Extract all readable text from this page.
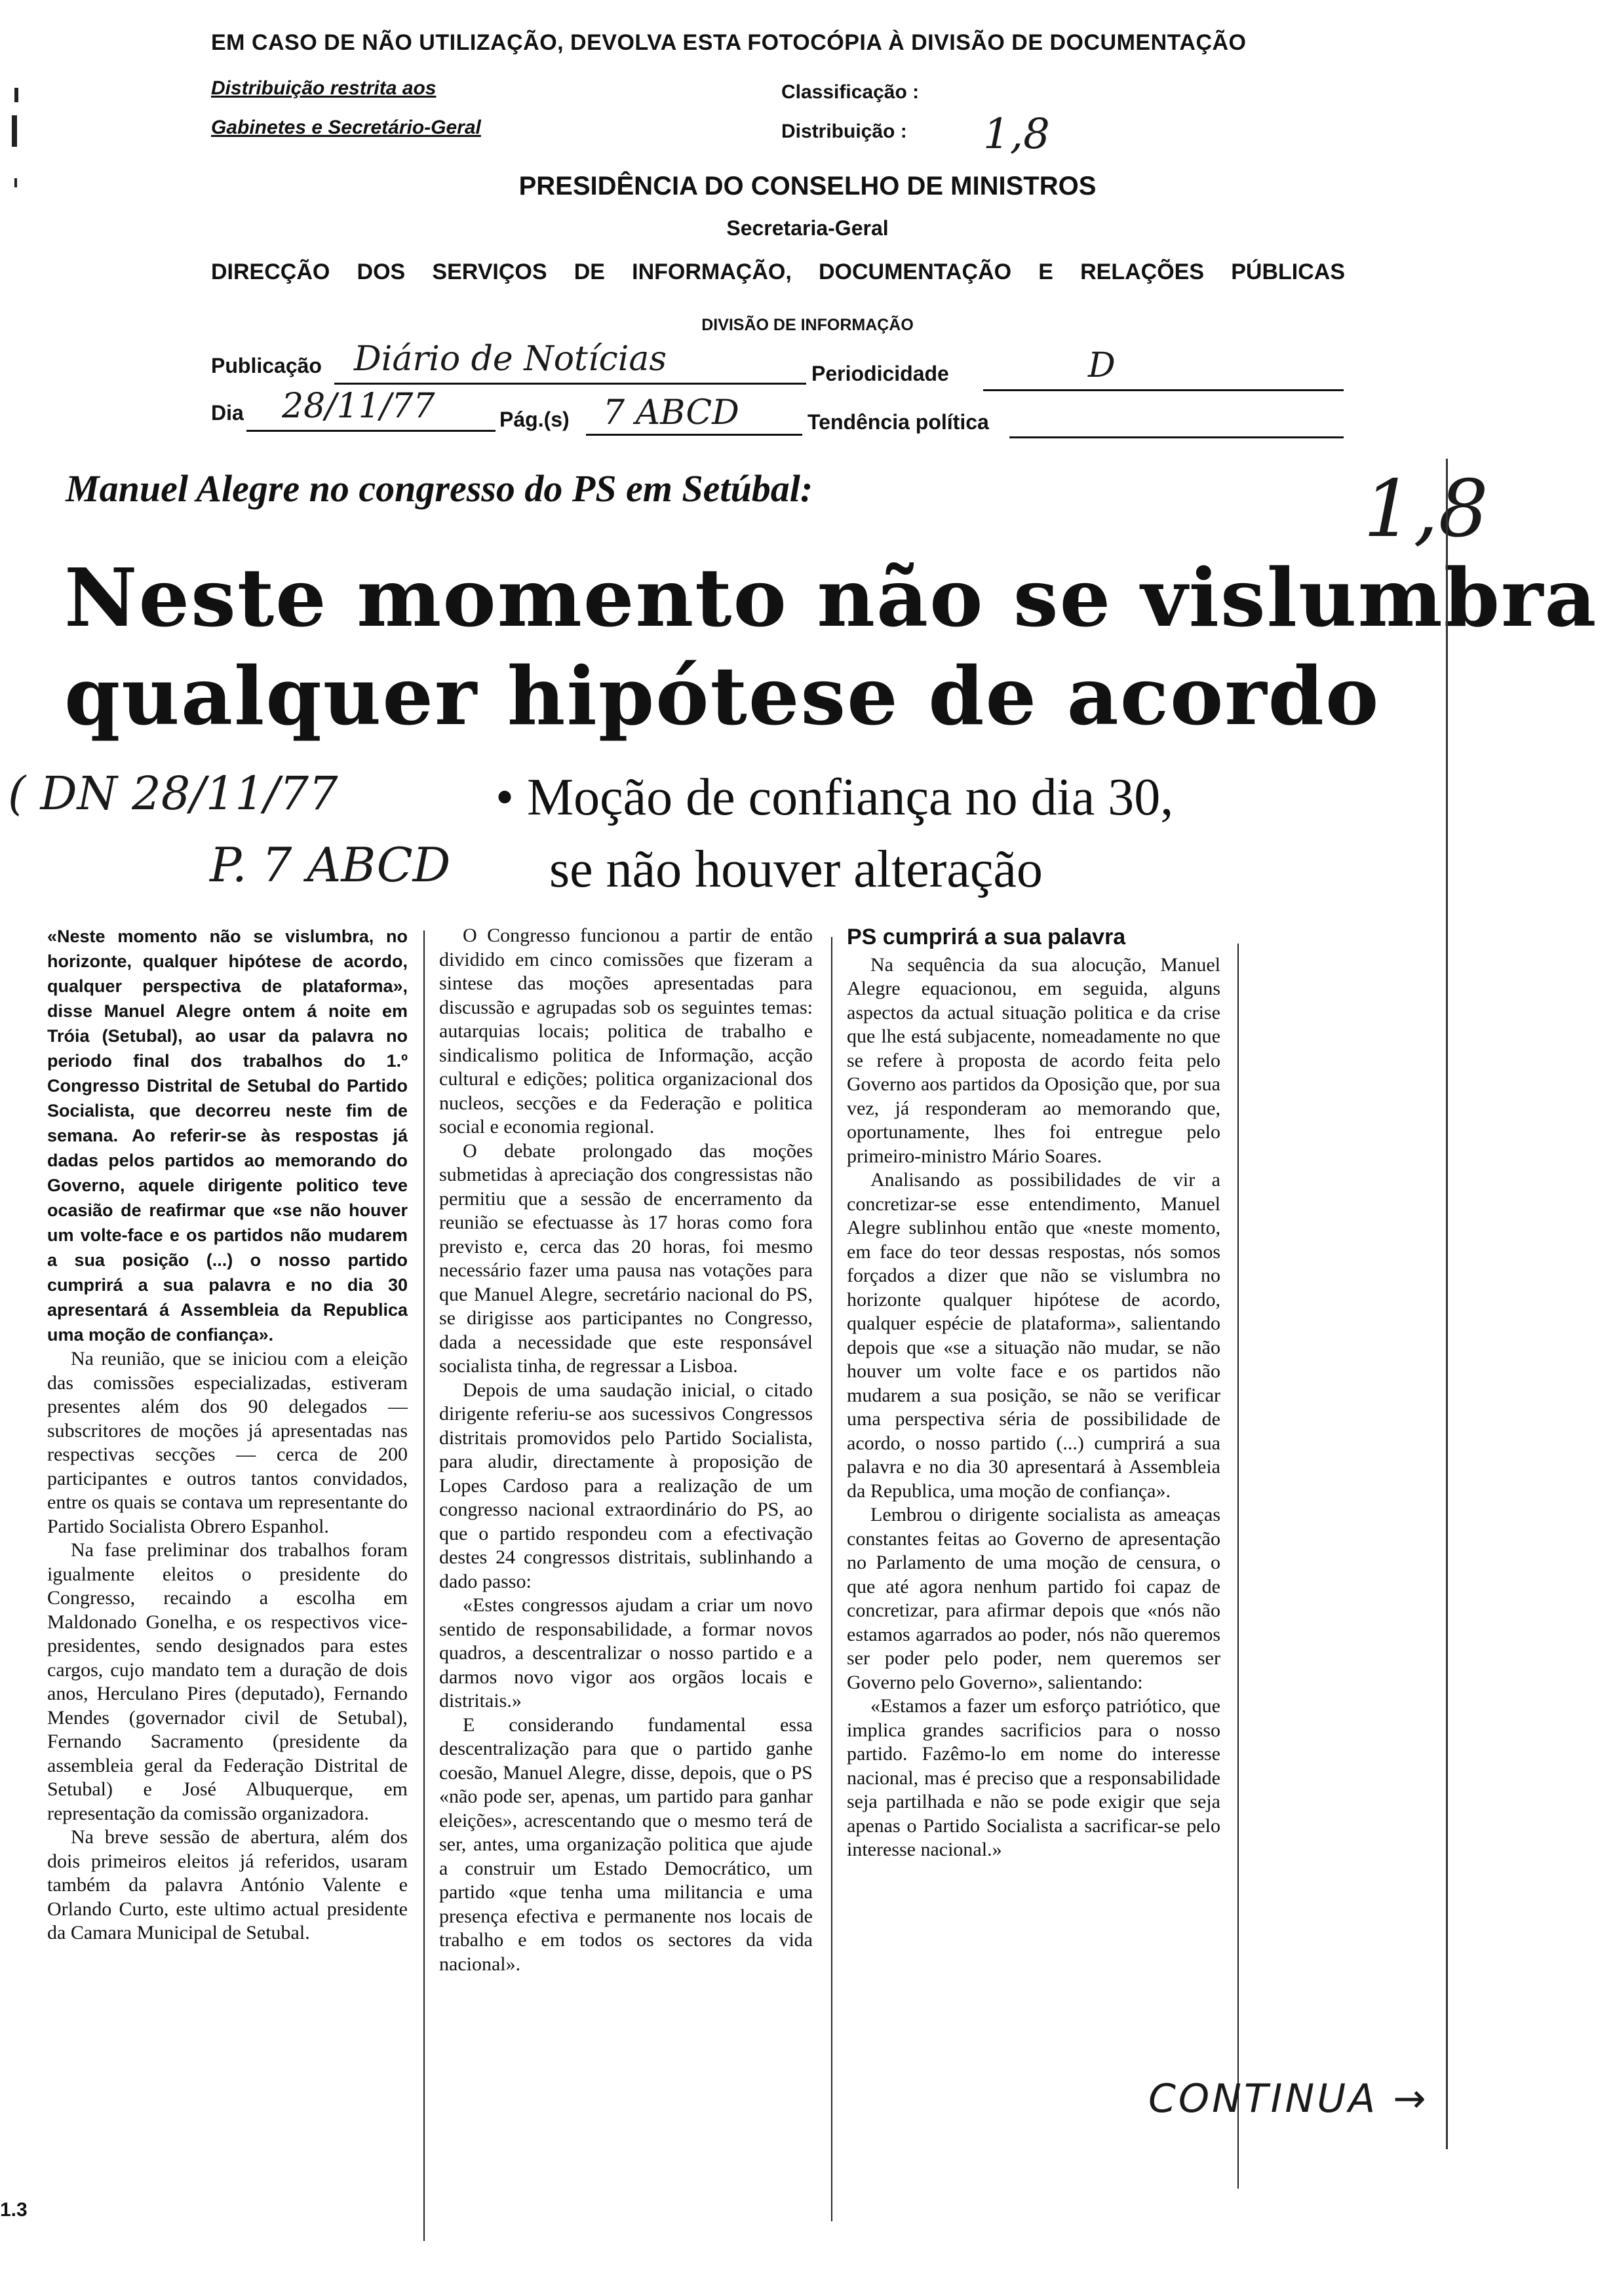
EM CASO DE NÃO UTILIZAÇÃO, DEVOLVA ESTA FOTOCÓPIA À DIVISÃO DE DOCUMENTAÇÃO
Distribuição restrita aos
Gabinetes e Secretário-Geral
Classificação :
Distribuição : 1,8
PRESIDÊNCIA DO CONSELHO DE MINISTROS
Secretaria-Geral
DIRECÇÃO DOS SERVIÇOS DE INFORMAÇÃO, DOCUMENTAÇÃO E RELAÇÕES PÚBLICAS
DIVISÃO DE INFORMAÇÃO
Publicação Diário de Notícias	Periodicidade	D
Dia 28/11/77	Pág.(s) 7 ABCD	Tendência política
Manuel Alegre no congresso do PS em Setúbal:	1,8
Neste momento não se vislumbra
qualquer hipótese de acordo
( DN 28/11/77
P. 7 ABCD
• Moção de confiança no dia 30,
se não houver alteração

«Neste momento não se vislumbra, no horizonte, qualquer hipótese de acordo, qualquer perspectiva de plataforma», disse Manuel Alegre ontem á noite em Tróia (Setubal), ao usar da palavra no periodo final dos trabalhos do 1.º Congresso Distrital de Setubal do Partido Socialista, que decorreu neste fim de semana. Ao referir-se às respostas já dadas pelos partidos ao memorando do Governo, aquele dirigente politico teve ocasião de reafirmar que «se não houver um volte-face e os partidos não mudarem a sua posição (...) o nosso partido cumprirá a sua palavra e no dia 30 apresentará á Assembleia da Republica uma moção de confiança».

Na reunião, que se iniciou com a eleição das comissões especializadas, estiveram presentes além dos 90 delegados — subscritores de moções já apresentadas nas respectivas secções — cerca de 200 participantes e outros tantos convidados, entre os quais se contava um representante do Partido Socialista Obrero Espanhol.

Na fase preliminar dos trabalhos foram igualmente eleitos o presidente do Congresso, recaindo a escolha em Maldonado Gonelha, e os respectivos vice-presidentes, sendo designados para estes cargos, cujo mandato tem a duração de dois anos, Herculano Pires (deputado), Fernando Mendes (governador civil de Setubal), Fernando Sacramento (presidente da assembleia geral da Federação Distrital de Setubal) e José Albuquerque, em representação da comissão organizadora.

Na breve sessão de abertura, além dos dois primeiros eleitos já referidos, usaram também da palavra António Valente e Orlando Curto, este ultimo actual presidente da Camara Municipal de Setubal.

O Congresso funcionou a partir de então dividido em cinco comissões que fizeram a sintese das moções apresentadas para discussão e agrupadas sob os seguintes temas: autarquias locais; politica de trabalho e sindicalismo politica de Informação, acção cultural e edições; politica organizacional dos nucleos, secções e da Federação e politica social e economia regional.

O debate prolongado das moções submetidas à apreciação dos congressistas não permitiu que a sessão de encerramento da reunião se efectuasse às 17 horas como fora previsto e, cerca das 20 horas, foi mesmo necessário fazer uma pausa nas votações para que Manuel Alegre, secretário nacional do PS, se dirigisse aos participantes no Congresso, dada a necessidade que este responsável socialista tinha, de regressar a Lisboa.

Depois de uma saudação inicial, o citado dirigente referiu-se aos sucessivos Congressos distritais promovidos pelo Partido Socialista, para aludir, directamente à proposição de Lopes Cardoso para a realização de um congresso nacional extraordinário do PS, ao que o partido respondeu com a efectivação destes 24 congressos distritais, sublinhando a dado passo:

«Estes congressos ajudam a criar um novo sentido de responsabilidade, a formar novos quadros, a descentralizar o nosso partido e a darmos novo vigor aos orgãos locais e distritais.»

E considerando fundamental essa descentralização para que o partido ganhe coesão, Manuel Alegre, disse, depois, que o PS «não pode ser, apenas, um partido para ganhar eleições», acrescentando que o mesmo terá de ser, antes, uma organização politica que ajude a construir um Estado Democrático, um partido «que tenha uma militancia e uma presença efectiva e permanente nos locais de trabalho e em todos os sectores da vida nacional».

PS cumprirá a sua palavra

Na sequência da sua alocução, Manuel Alegre equacionou, em seguida, alguns aspectos da actual situação politica e da crise que lhe está subjacente, nomeadamente no que se refere à proposta de acordo feita pelo Governo aos partidos da Oposição que, por sua vez, já responderam ao memorando que, oportunamente, lhes foi entregue pelo primeiro-ministro Mário Soares.

Analisando as possibilidades de vir a concretizar-se esse entendimento, Manuel Alegre sublinhou então que «neste momento, em face do teor dessas respostas, nós somos forçados a dizer que não se vislumbra no horizonte qualquer hipótese de acordo, qualquer espécie de plataforma», salientando depois que «se a situação não mudar, se não houver um volte face e os partidos não mudarem a sua posição, se não se verificar uma perspectiva séria de possibilidade de acordo, o nosso partido (...) cumprirá a sua palavra e no dia 30 apresentará à Assembleia da Republica, uma moção de confiança».

Lembrou o dirigente socialista as ameaças constantes feitas ao Governo de apresentação no Parlamento de uma moção de censura, o que até agora nenhum partido foi capaz de concretizar, para afirmar depois que «nós não estamos agarrados ao poder, nós não queremos ser poder pelo poder, nem queremos ser Governo pelo Governo», salientando:

«Estamos a fazer um esforço patriótico, que implica grandes sacrificios para o nosso partido. Fazêmo-lo em nome do interesse nacional, mas é preciso que a responsabilidade seja partilhada e não se pode exigir que seja apenas o Partido Socialista a sacrificar-se pelo interesse nacional.»

CONTINUA →
1.3
